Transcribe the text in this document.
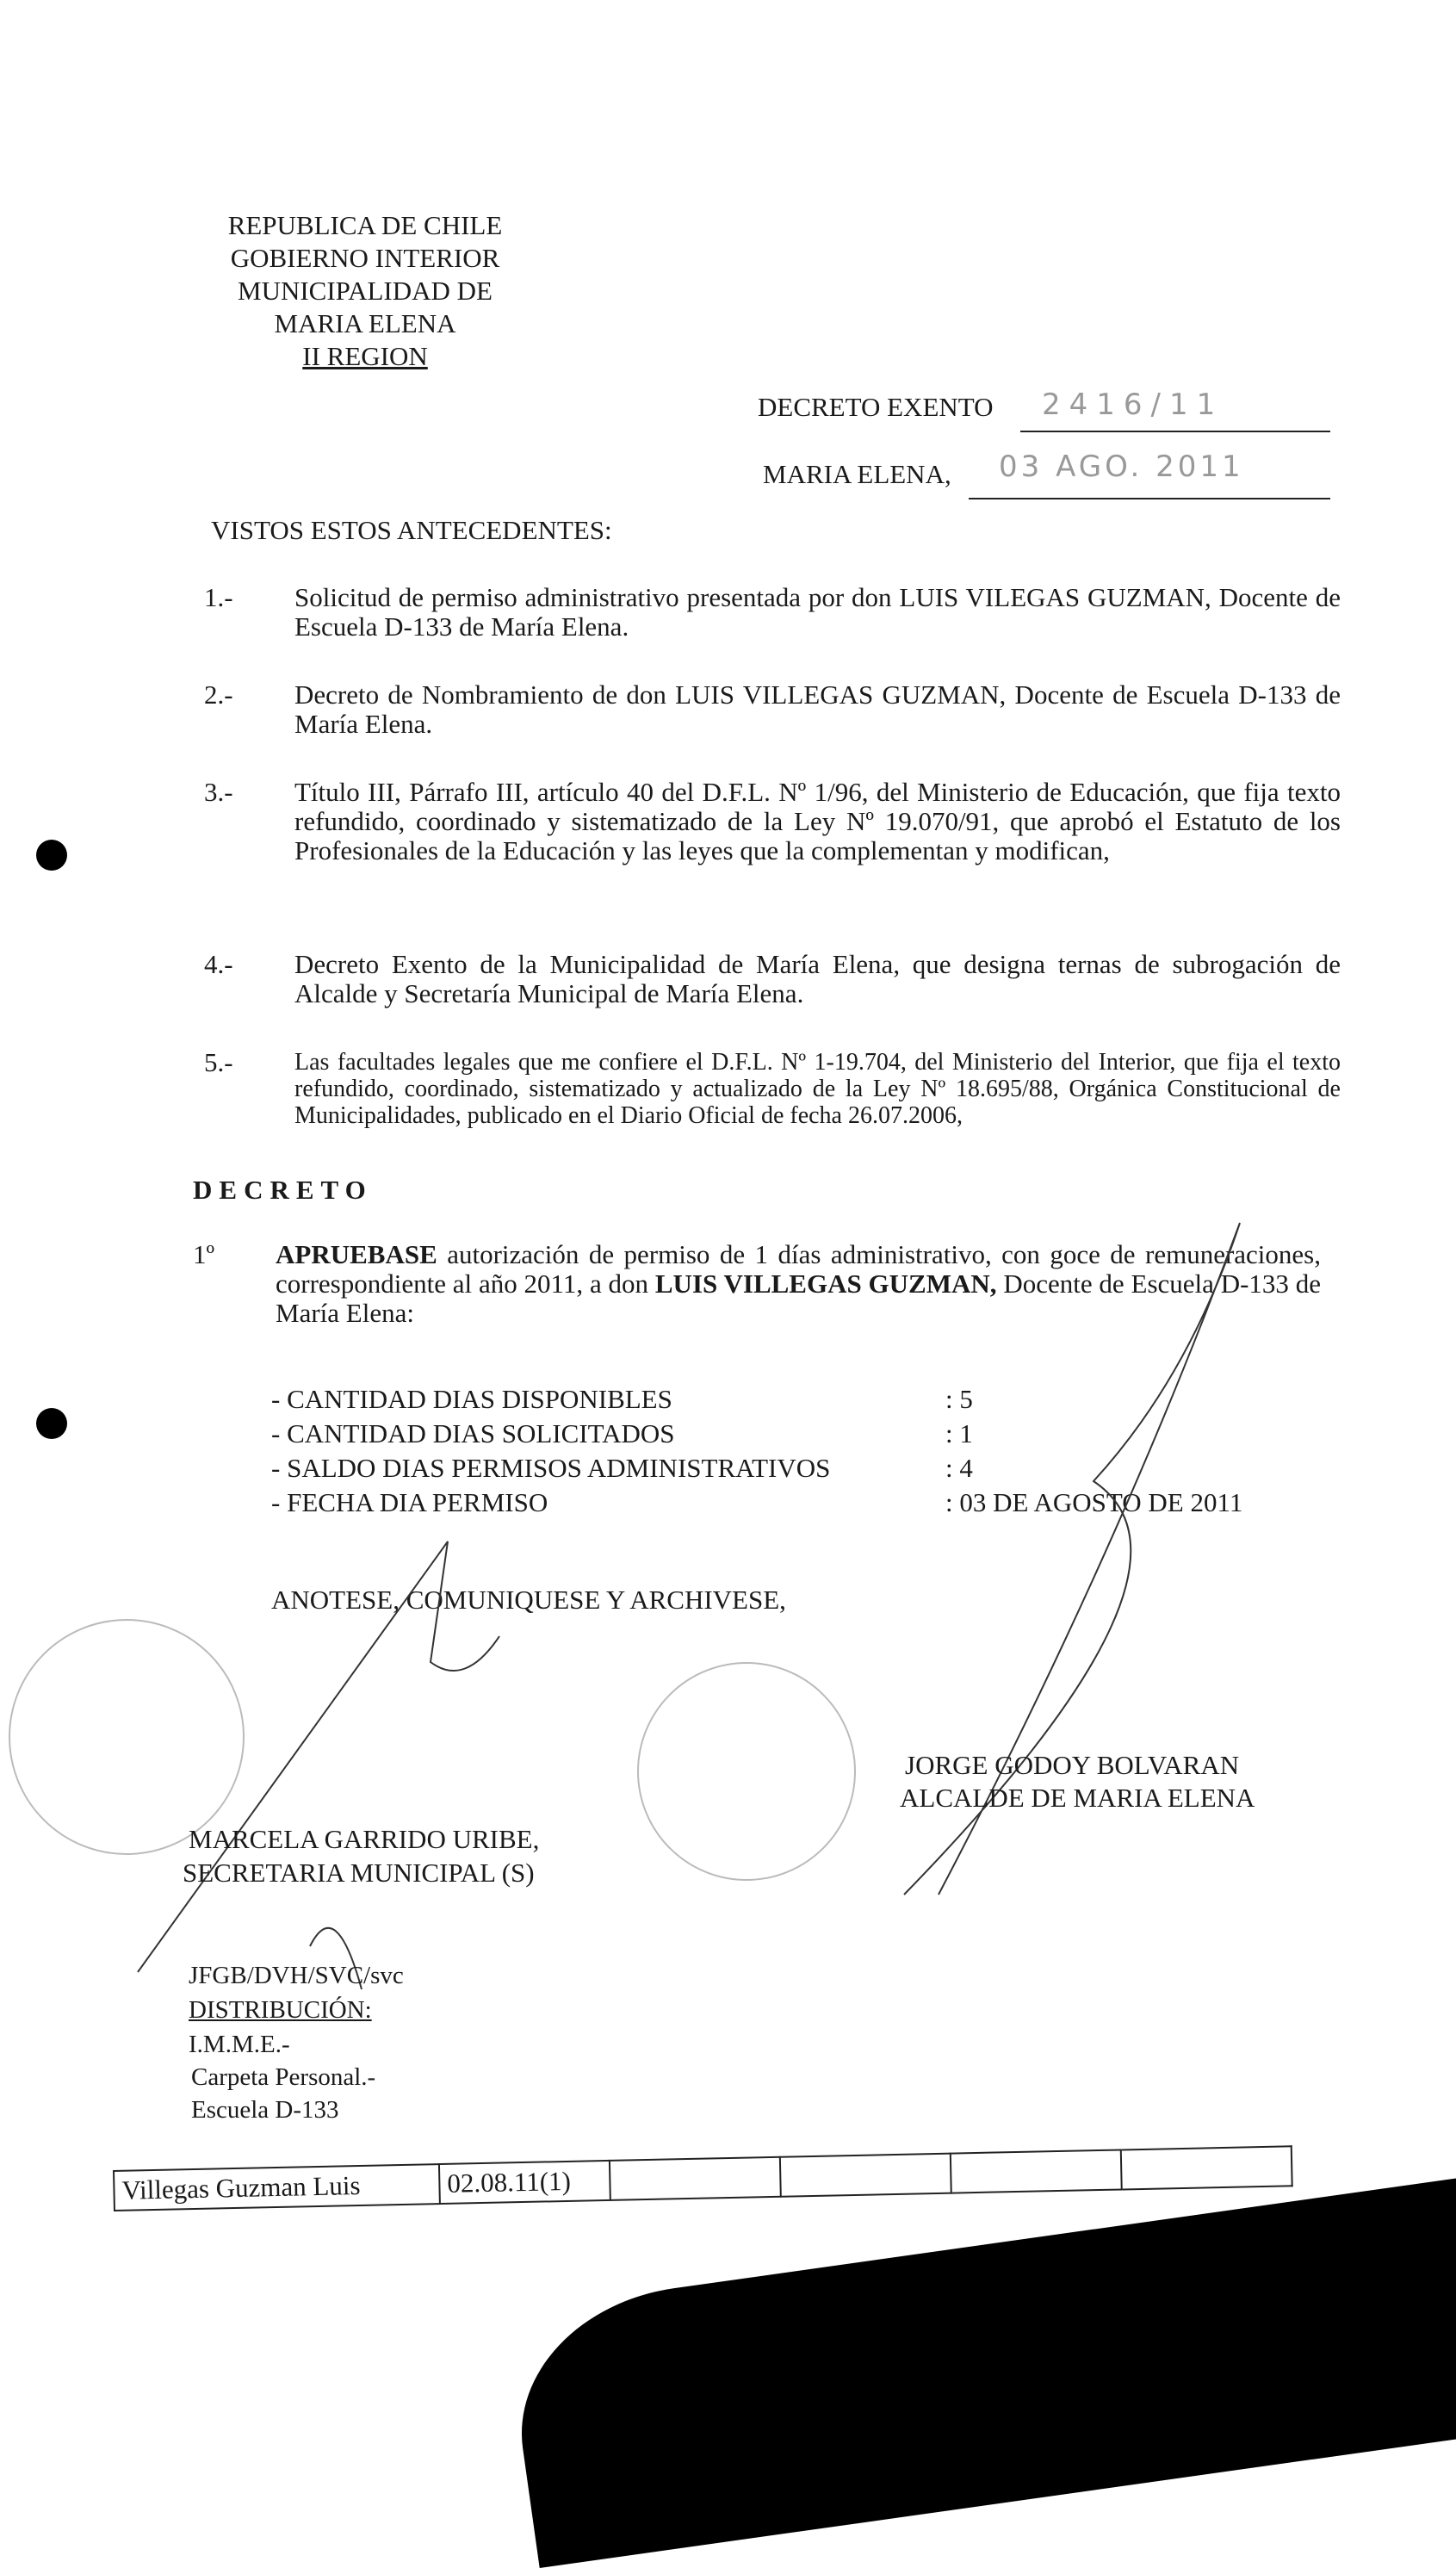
REPUBLICA DE CHILE
GOBIERNO INTERIOR
MUNICIPALIDAD DE
MARIA ELENA
II REGION
DECRETO EXENTO 2416/11
MARIA ELENA, 03 AGO. 2011
VISTOS ESTOS ANTECEDENTES:
1.- Solicitud de permiso administrativo presentada por don LUIS VILEGAS GUZMAN, Docente de Escuela D-133 de María Elena.
2.- Decreto de Nombramiento de don LUIS VILLEGAS GUZMAN, Docente de Escuela D-133 de María Elena.
3.- Título III, Párrafo III, artículo 40 del D.F.L. Nº 1/96, del Ministerio de Educación, que fija texto refundido, coordinado y sistematizado de la Ley Nº 19.070/91, que aprobó el Estatuto de los Profesionales de la Educación y las leyes que la complementan y modifican,
4.- Decreto Exento de la Municipalidad de María Elena, que designa ternas de subrogación de Alcalde y Secretaría Municipal de María Elena.
5.-	Las facultades legales que me confiere el D.F.L. Nº 1-19.704, del Ministerio del Interior, que fija el texto refundido, coordinado, sistematizado y actualizado de la Ley Nº 18.695/88, Orgánica Constitucional de Municipalidades, publicado en el Diario Oficial de fecha 26.07.2006,
DECRETO
1º APRUEBASE autorización de permiso de 1 días administrativo, con goce de remuneraciones, correspondiente al año 2011, a don LUIS VILLEGAS GUZMAN, Docente de Escuela D-133 de María Elena:
- CANTIDAD DIAS DISPONIBLES	: 5
- CANTIDAD DIAS SOLICITADOS	: 1
- SALDO DIAS PERMISOS ADMINISTRATIVOS	: 4
- FECHA DIA PERMISO	: 03 DE AGOSTO DE 2011
ANOTESE, COMUNIQUESE Y ARCHIVESE,
JORGE GODOY BOLVARAN
ALCALDE DE MARIA ELENA
MARCELA GARRIDO URIBE,
SECRETARIA MUNICIPAL (S)
JFGB/DVH/SVC/svc
DISTRIBUCIÓN:
I.M.M.E.-
Carpeta Personal.-
Escuela D-133
Villegas Guzman Luis	02.08.11(1)				
